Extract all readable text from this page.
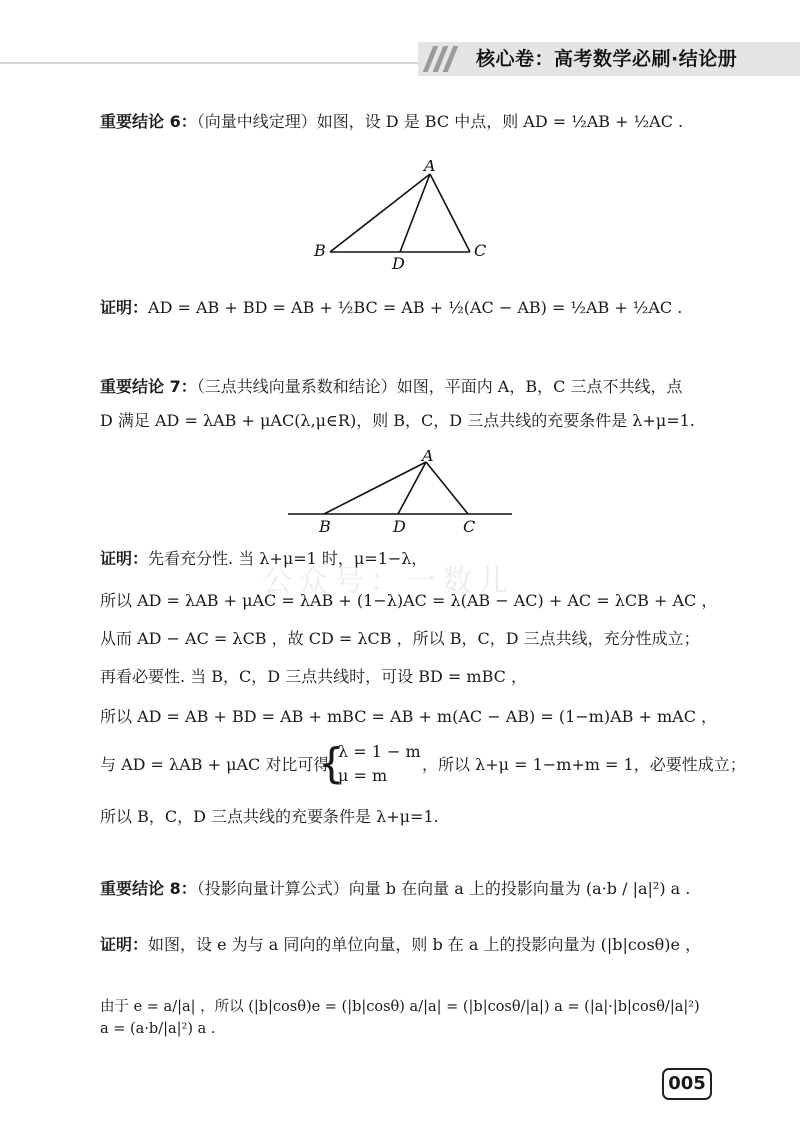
核心卷：高考数学必刷·结论册
重要结论 6：（向量中线定理）如图，设 D 是 BC 中点，则 AD = ½AB + ½AC .
A
B	C
D
证明：AD = AB + BD = AB + ½BC = AB + ½(AC − AB) = ½AB + ½AC .
重要结论 7：（三点共线向量系数和结论）如图，平面内 A，B，C 三点不共线，点
D 满足 AD = λAB + μAC(λ,μ∈R)，则 B，C，D 三点共线的充要条件是 λ+μ=1.
A
B	D	C
公众号：一数儿
证明：先看充分性. 当 λ+μ=1 时，μ=1−λ，
所以 AD = λAB + μAC = λAB + (1−λ)AC = λ(AB − AC) + AC = λCB + AC ，
从而 AD − AC = λCB ，故 CD = λCB ，所以 B，C，D 三点共线，充分性成立；
再看必要性. 当 B，C，D 三点共线时，可设 BD = mBC ，
所以 AD = AB + BD = AB + mBC = AB + m(AC − AB) = (1−m)AB + mAC ，
与 AD = λAB + μAC 对比可得
{
λ = 1 − m
μ = m
，所以 λ+μ = 1−m+m = 1，必要性成立；
所以 B，C，D 三点共线的充要条件是 λ+μ=1.
重要结论 8：（投影向量计算公式）向量 b 在向量 a 上的投影向量为 (a·b / |a|²) a .
证明：如图，设 e 为与 a 同向的单位向量，则 b 在 a 上的投影向量为 (|b|cosθ)e ，
由于 e = a/|a| ，所以 (|b|cosθ)e = (|b|cosθ) a/|a| = (|b|cosθ/|a|) a = (|a|·|b|cosθ/|a|²) a = (a·b/|a|²) a .
005
